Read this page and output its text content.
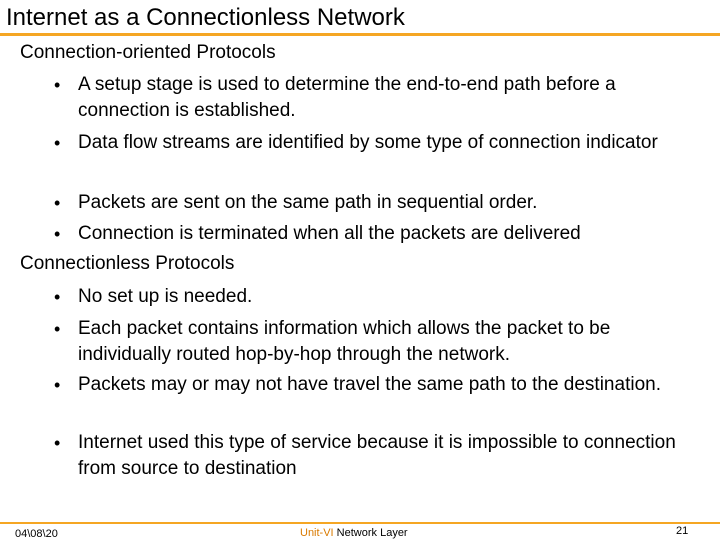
Internet as a Connectionless Network
Connection-oriented Protocols
• A setup stage is used to determine the end-to-end path before a connection is established.
• Data flow streams are identified by some type of connection indicator
• Packets are sent on the same path in sequential order.
• Connection is terminated when all the packets are delivered
Connectionless Protocols
• No set up is needed.
• Each packet contains information which allows the packet to be individually routed hop-by-hop through the network.
• Packets may or may not have travel the same path to the destination.
• Internet used this type of service because it is impossible to connection from source to destination
04\08\20	Unit-VI Network Layer	21
